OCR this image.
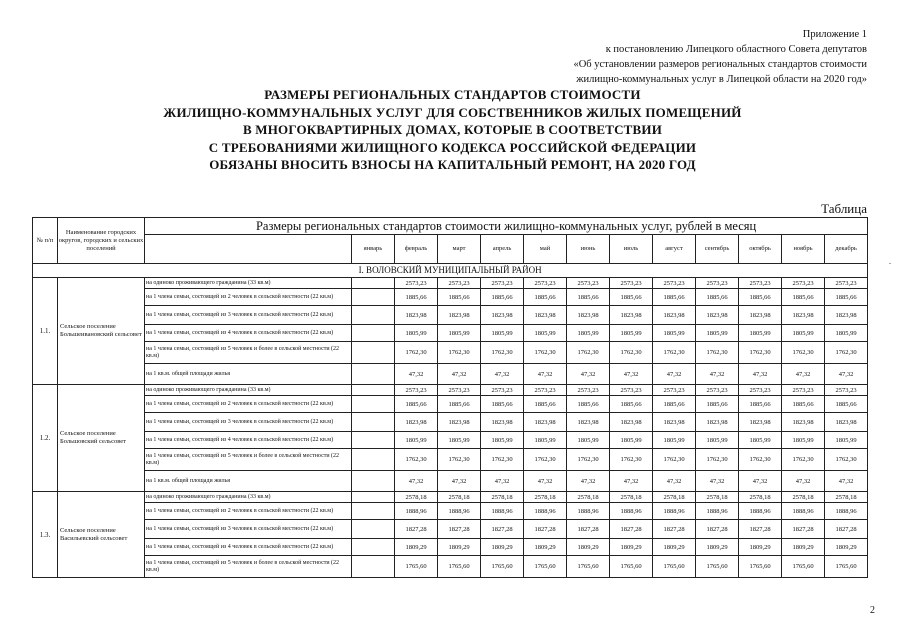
Приложение 1
к постановлению Липецкого областного Совета депутатов
«Об установлении размеров региональных стандартов стоимости
жилищно-коммунальных услуг в Липецкой области на 2020 год»
РАЗМЕРЫ РЕГИОНАЛЬНЫХ СТАНДАРТОВ СТОИМОСТИ
ЖИЛИЩНО-КОММУНАЛЬНЫХ УСЛУГ ДЛЯ СОБСТВЕННИКОВ ЖИЛЫХ ПОМЕЩЕНИЙ
В МНОГОКВАРТИРНЫХ ДОМАХ, КОТОРЫЕ В СООТВЕТСТВИИ
С ТРЕБОВАНИЯМИ ЖИЛИЩНОГО КОДЕКСА РОССИЙСКОЙ ФЕДЕРАЦИИ
ОБЯЗАНЫ ВНОСИТЬ ВЗНОСЫ НА КАПИТАЛЬНЫЙ РЕМОНТ, НА 2020 ГОД
Таблица
№ п/п	Наименование городских округов, городских и сельских поселений	Размеры региональных стандартов стоимости жилищно-коммунальных услуг, рублей в месяц													
			январь	февраль	март	апрель	май	июнь	июль	август	сентябрь	октябрь	ноябрь	декабрь	
I. ВОЛОВСКИЙ МУНИЦИПАЛЬНЫЙ РАЙОН															
1.1.	Сельское поселение Большеивановский сельсовет	на одиноко проживающего гражданина (33 кв.м)		2573,23	2573,23	2573,23	2573,23	2573,23	2573,23	2573,23	2573,23	2573,23	2573,23	2573,23	
		на 1 члена семьи, состоящей из 2 человек в сельской местности (22 кв.м)		1885,66	1885,66	1885,66	1885,66	1885,66	1885,66	1885,66	1885,66	1885,66	1885,66	1885,66	
		на 1 члена семьи, состоящей из 3 человек в сельской местности (22 кв.м)		1823,98	1823,98	1823,98	1823,98	1823,98	1823,98	1823,98	1823,98	1823,98	1823,98	1823,98	
		на 1 члена семьи, состоящей из 4 человек в сельской местности (22 кв.м)		1805,99	1805,99	1805,99	1805,99	1805,99	1805,99	1805,99	1805,99	1805,99	1805,99	1805,99	
		на 1 члена семьи, состоящей из 5 человек и более в сельской местности (22 кв.м)		1762,30	1762,30	1762,30	1762,30	1762,30	1762,30	1762,30	1762,30	1762,30	1762,30	1762,30	
		на 1 кв.м. общей площади жилья		47,32	47,32	47,32	47,32	47,32	47,32	47,32	47,32	47,32	47,32	47,32	
1.2.	Сельское поселение Большовский сельсовет	на одиноко проживающего гражданина (33 кв.м)		2573,23	2573,23	2573,23	2573,23	2573,23	2573,23	2573,23	2573,23	2573,23	2573,23	2573,23	
		на 1 члена семьи, состоящей из 2 человек в сельской местности (22 кв.м)		1885,66	1885,66	1885,66	1885,66	1885,66	1885,66	1885,66	1885,66	1885,66	1885,66	1885,66	
		на 1 члена семьи, состоящей из 3 человек в сельской местности (22 кв.м)		1823,98	1823,98	1823,98	1823,98	1823,98	1823,98	1823,98	1823,98	1823,98	1823,98	1823,98	
		на 1 члена семьи, состоящей из 4 человек в сельской местности (22 кв.м)		1805,99	1805,99	1805,99	1805,99	1805,99	1805,99	1805,99	1805,99	1805,99	1805,99	1805,99	
		на 1 члена семьи, состоящей из 5 человек и более в сельской местности (22 кв.м)		1762,30	1762,30	1762,30	1762,30	1762,30	1762,30	1762,30	1762,30	1762,30	1762,30	1762,30	
		на 1 кв.м. общей площади жилья		47,32	47,32	47,32	47,32	47,32	47,32	47,32	47,32	47,32	47,32	47,32	
1.3.	Сельское поселение Васильевский сельсовет	на одиноко проживающего гражданина (33 кв.м)		2578,18	2578,18	2578,18	2578,18	2578,18	2578,18	2578,18	2578,18	2578,18	2578,18	2578,18	
		на 1 члена семьи, состоящей из 2 человек в сельской местности (22 кв.м)		1888,96	1888,96	1888,96	1888,96	1888,96	1888,96	1888,96	1888,96	1888,96	1888,96	1888,96	
		на 1 члена семьи, состоящей из 3 человек в сельской местности (22 кв.м)		1827,28	1827,28	1827,28	1827,28	1827,28	1827,28	1827,28	1827,28	1827,28	1827,28	1827,28	
		на 1 члена семьи, состоящей из 4 человек в сельской местности (22 кв.м)		1809,29	1809,29	1809,29	1809,29	1809,29	1809,29	1809,29	1809,29	1809,29	1809,29	1809,29	
		на 1 члена семьи, состоящей из 5 человек и более в сельской местности (22 кв.м)		1765,60	1765,60	1765,60	1765,60	1765,60	1765,60	1765,60	1765,60	1765,60	1765,60	1765,60	
.
2
